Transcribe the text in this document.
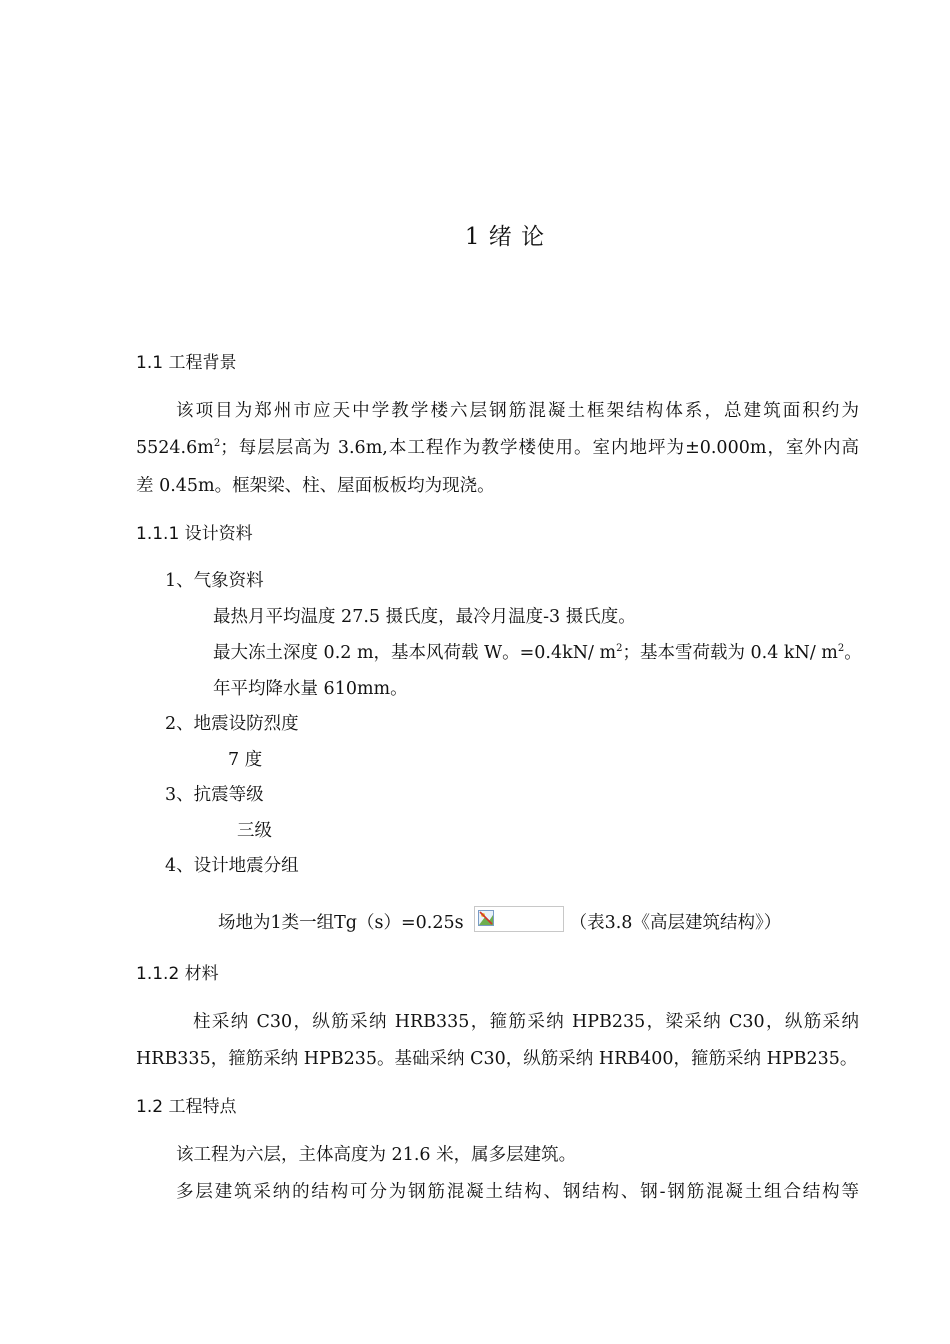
1 绪 论
1.1 工程背景
该项目为郑州市应天中学教学楼六层钢筋混凝土框架结构体系，总建筑面积约为
$5524.6m^2$；每层层高为 3.6m,本工程作为教学楼使用。室内地坪为±0.000m，室外内高
差 0.45m。框架梁、柱、屋面板板均为现浇。
1.1.1 设计资料
1、气象资料
最热月平均温度 27.5 摄氏度，最冷月温度-3 摄氏度。
最大冻土深度 0.2 m，基本风荷载 W。=0.4kN/ $m^2$；基本雪荷载为 0.4 kN/ $m^2$。
年平均降水量 610mm。
2、地震设防烈度
7 度
3、抗震等级
三级
4、设计地震分组
场地为1类一组Tg（s）=0.25s	（表3.8《高层建筑结构》）
1.1.2 材料
柱采纳 C30，纵筋采纳 HRB335，箍筋采纳 HPB235，梁采纳 C30，纵筋采纳
HRB335，箍筋采纳 HPB235。基础采纳 C30，纵筋采纳 HRB400，箍筋采纳 HPB235。
1.2 工程特点
该工程为六层，主体高度为 21.6 米，属多层建筑。
多层建筑采纳的结构可分为钢筋混凝土结构、钢结构、钢-钢筋混凝土组合结构等
